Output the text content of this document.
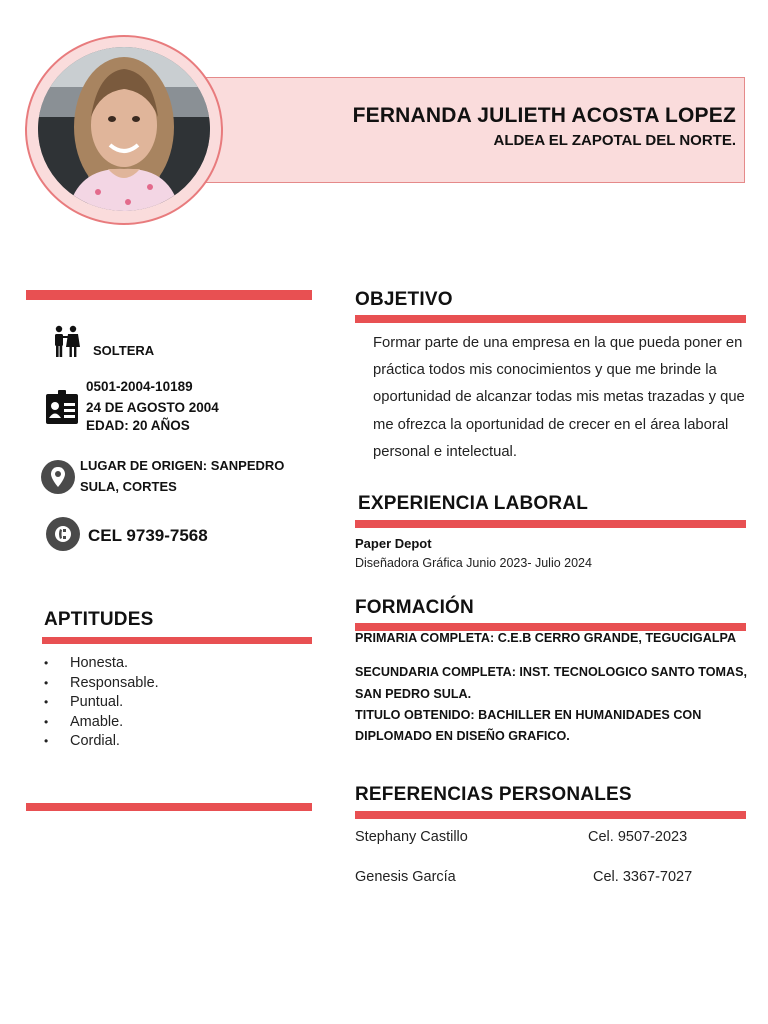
FERNANDA JULIETH ACOSTA LOPEZ
ALDEA EL ZAPOTAL DEL NORTE.
SOLTERA
0501-2004-10189
24 DE AGOSTO 2004
EDAD: 20 AÑOS
LUGAR DE ORIGEN: SANPEDRO
SULA, CORTES
CEL 9739-7568
APTITUDES
• Honesta.
• Responsable.
• Puntual.
• Amable.
• Cordial.
OBJETIVO
Formar parte de una empresa en la que pueda poner en práctica todos mis conocimientos y que me brinde la oportunidad de alcanzar todas mis metas trazadas y que me ofrezca la oportunidad de crecer en el área laboral personal e intelectual.
EXPERIENCIA LABORAL
Paper Depot
Diseñadora Gráfica Junio 2023- Julio 2024
FORMACIÓN
PRIMARIA COMPLETA: C.E.B CERRO GRANDE, TEGUCIGALPA
SECUNDARIA COMPLETA: INST. TECNOLOGICO SANTO TOMAS,
SAN PEDRO SULA.
TITULO OBTENIDO: BACHILLER EN HUMANIDADES CON
DIPLOMADO EN DISEÑO GRAFICO.
REFERENCIAS PERSONALES
Stephany Castillo	Cel. 9507-2023
Genesis García	Cel. 3367-7027
